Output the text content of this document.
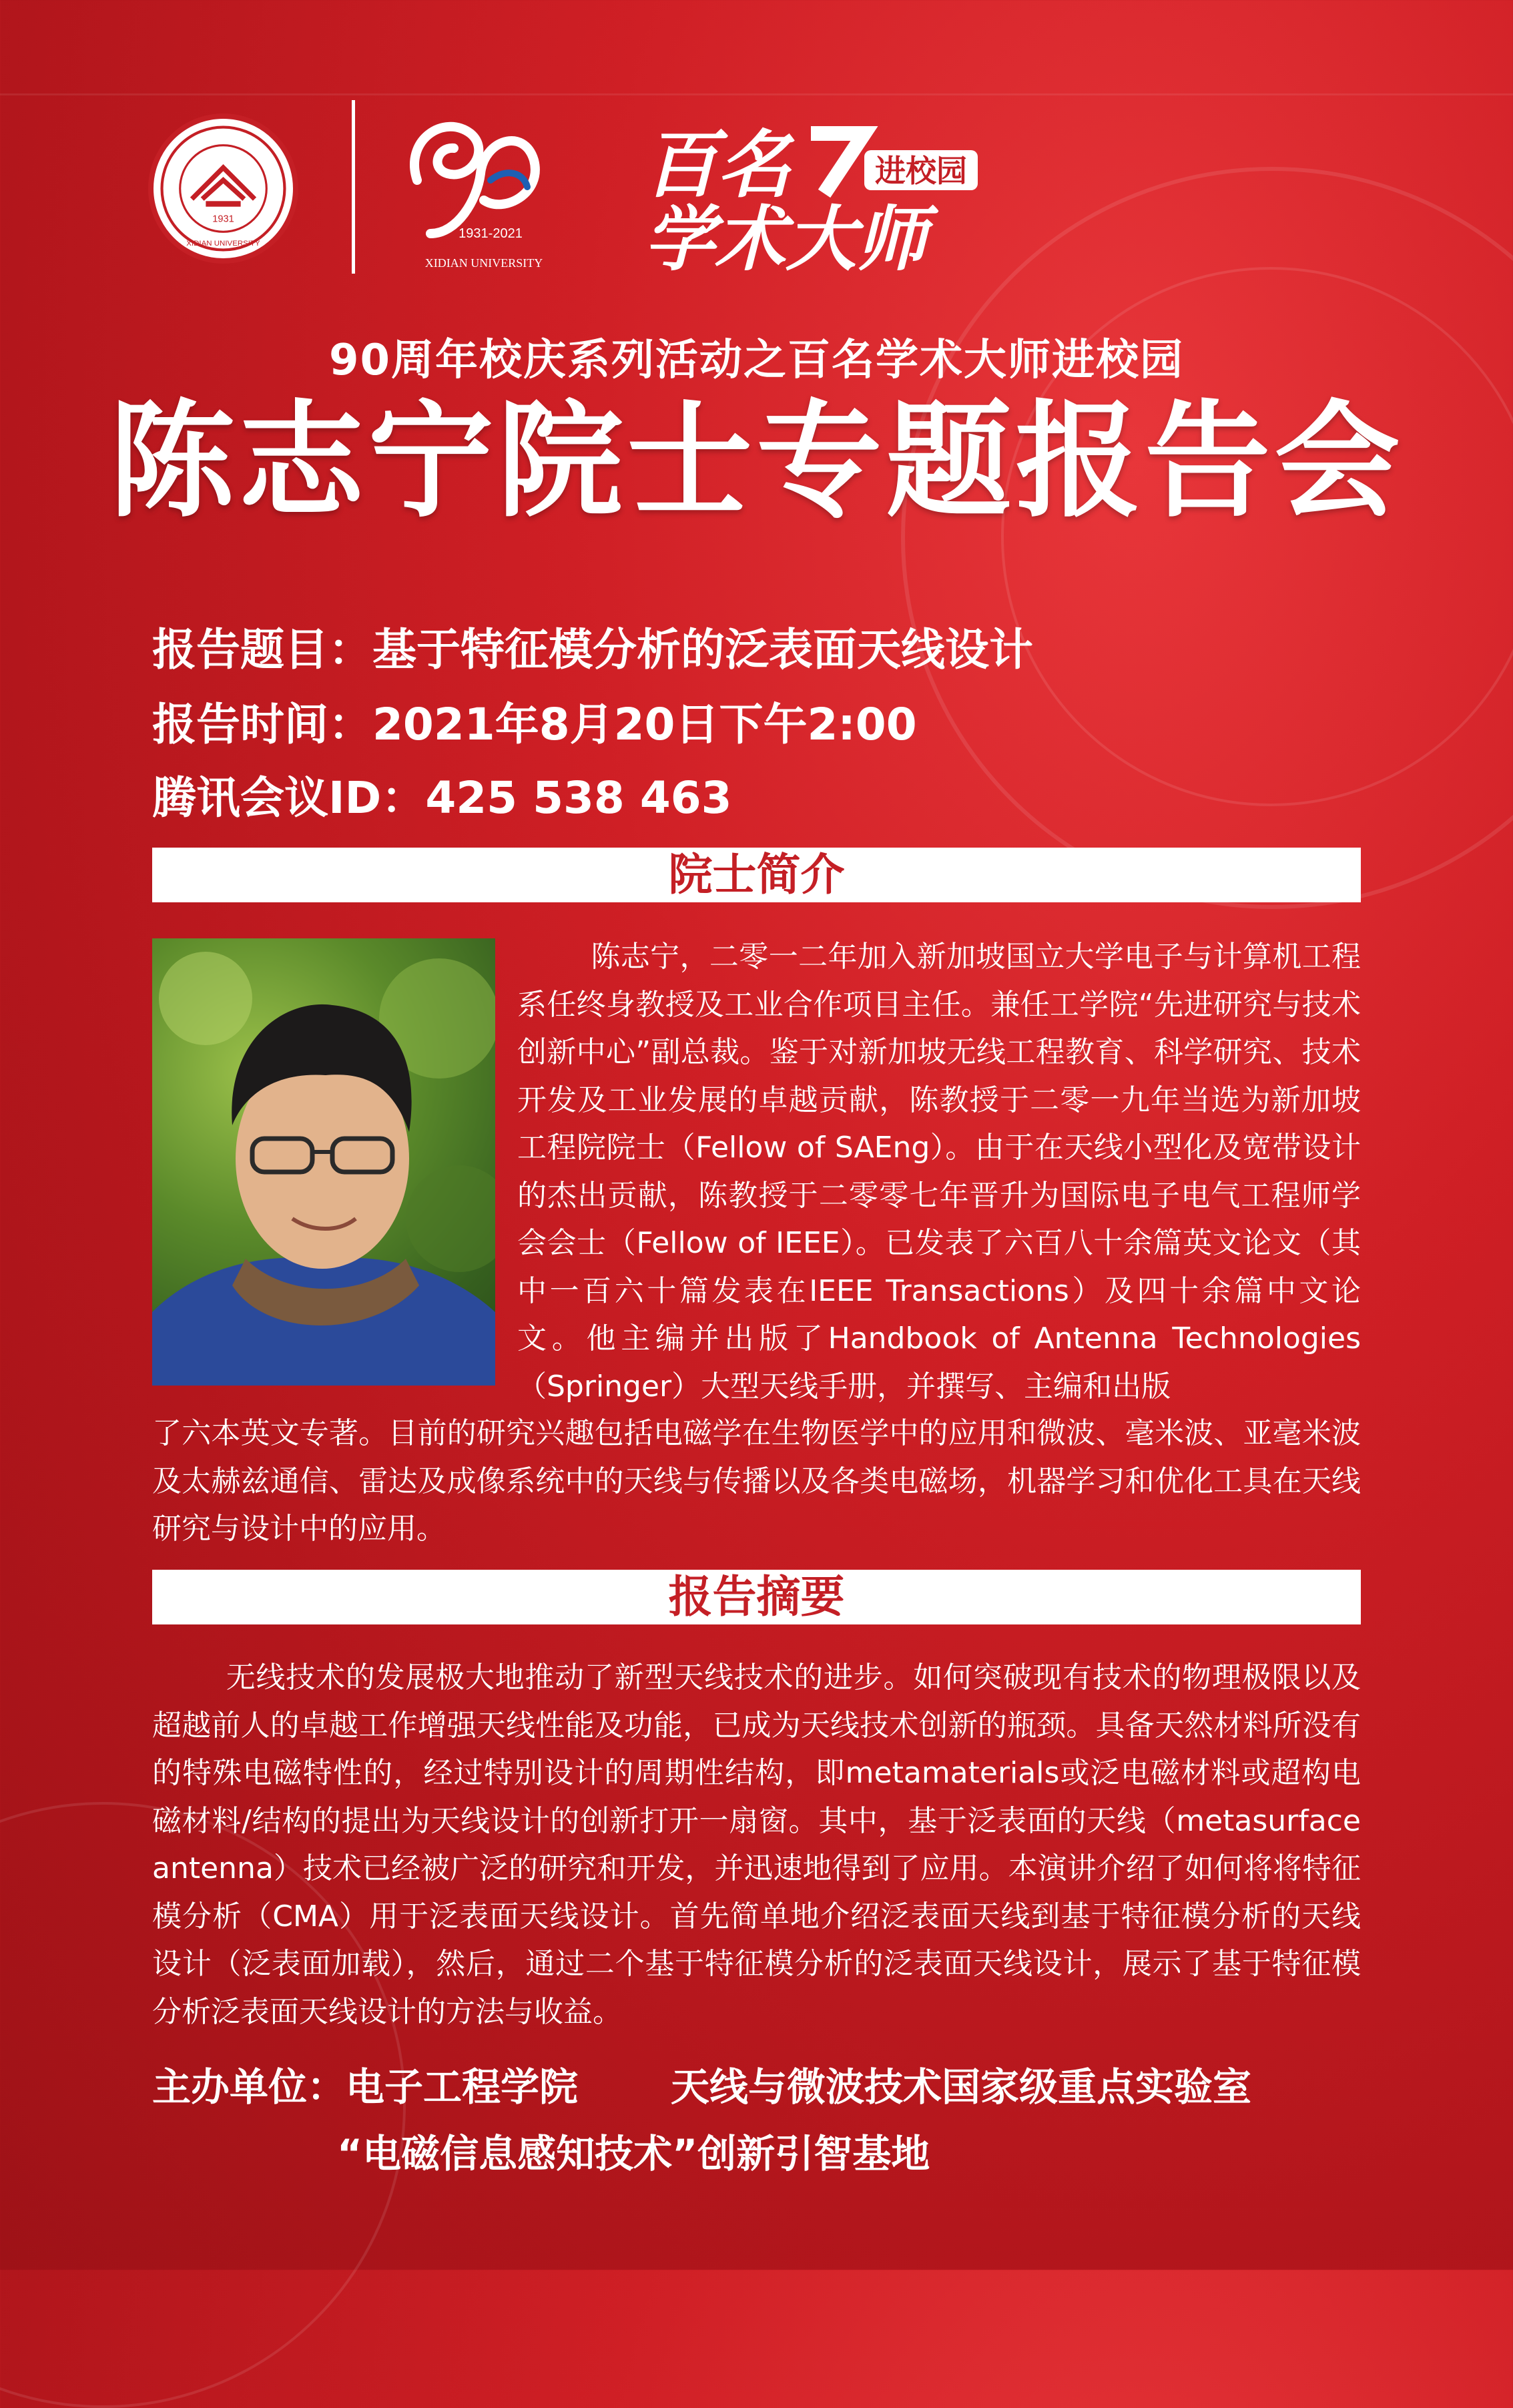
1931
XIDIAN UNIVERSITY
1931-2021
XIDIAN UNIVERSITY
百名	进校园
学术大师
90周年校庆系列活动之百名学术大师进校园
陈志宁院士专题报告会
报告题目：基于特征模分析的泛表面天线设计
报告时间：2021年8月20日下午2:00
腾讯会议ID：425 538 463
院士简介
陈志宁，二零一二年加入新加坡国立大学电子与计算机工程系任终身教授及工业合作项目主任。兼任工学院“先进研究与技术创新中心”副总裁。鉴于对新加坡无线工程教育、科学研究、技术开发及工业发展的卓越贡献，陈教授于二零一九年当选为新加坡工程院院士（Fellow of SAEng）。由于在天线小型化及宽带设计的杰出贡献，陈教授于二零零七年晋升为国际电子电气工程师学会会士（Fellow of IEEE）。已发表了六百八十余篇英文论文（其中一百六十篇发表在IEEE Transactions）及四十余篇中文论文。他主编并出版了Handbook of Antenna Technologies（Springer）大型天线手册，并撰写、主编和出版
了六本英文专著。目前的研究兴趣包括电磁学在生物医学中的应用和微波、毫米波、亚毫米波及太赫兹通信、雷达及成像系统中的天线与传播以及各类电磁场，机器学习和优化工具在天线研究与设计中的应用。
报告摘要
无线技术的发展极大地推动了新型天线技术的进步。如何突破现有技术的物理极限以及超越前人的卓越工作增强天线性能及功能，已成为天线技术创新的瓶颈。具备天然材料所没有的特殊电磁特性的，经过特别设计的周期性结构，即metamaterials或泛电磁材料或超构电磁材料/结构的提出为天线设计的创新打开一扇窗。其中，基于泛表面的天线（metasurface antenna）技术已经被广泛的研究和开发，并迅速地得到了应用。本演讲介绍了如何将将特征模分析（CMA）用于泛表面天线设计。首先简单地介绍泛表面天线到基于特征模分析的天线设计（泛表面加载），然后，通过二个基于特征模分析的泛表面天线设计，展示了基于特征模分析泛表面天线设计的方法与收益。
主办单位： 电子工程学院 天线与微波技术国家级重点实验室
“电磁信息感知技术”创新引智基地
